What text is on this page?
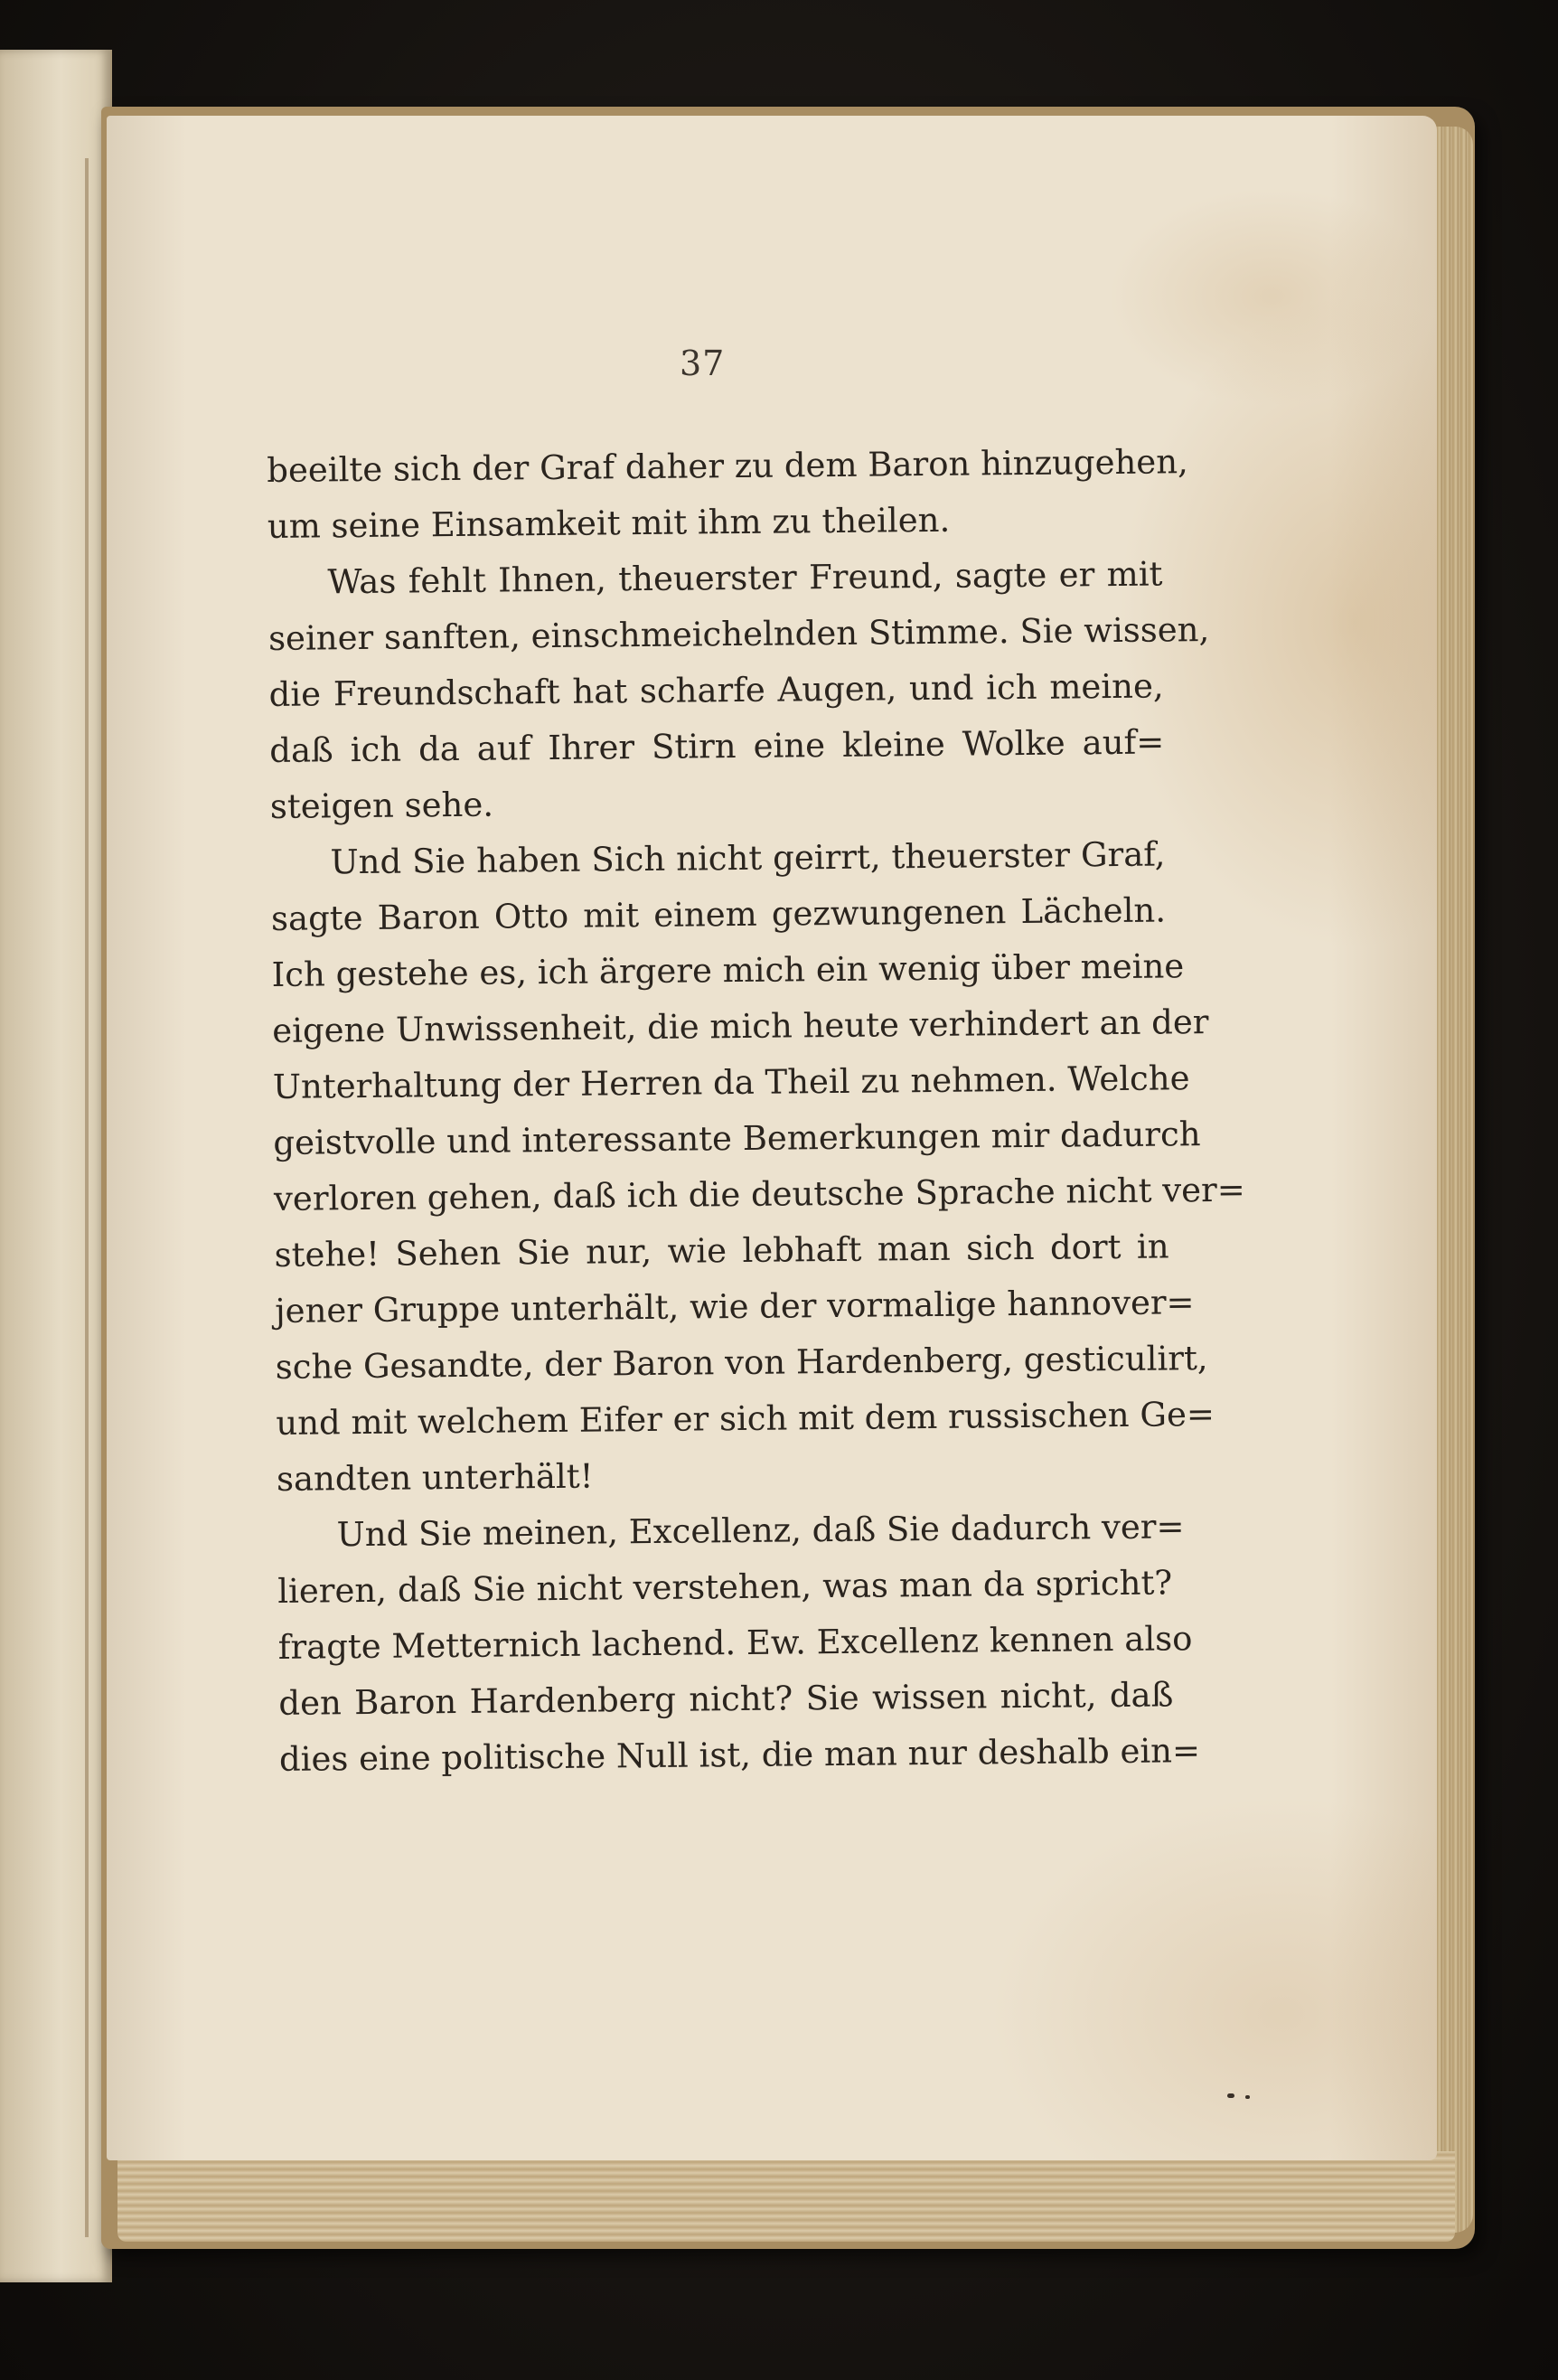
37
beeilte sich der Graf daher zu dem Baron hinzugehen,
um seine Einsamkeit mit ihm zu theilen.
Was fehlt Ihnen, theuerster Freund, sagte er mit
seiner sanften, einschmeichelnden Stimme. Sie wissen,
die Freundschaft hat scharfe Augen, und ich meine,
daß ich da auf Ihrer Stirn eine kleine Wolke auf=
steigen sehe.
Und Sie haben Sich nicht geirrt, theuerster Graf,
sagte Baron Otto mit einem gezwungenen Lächeln.
Ich gestehe es, ich ärgere mich ein wenig über meine
eigene Unwissenheit, die mich heute verhindert an der
Unterhaltung der Herren da Theil zu nehmen. Welche
geistvolle und interessante Bemerkungen mir dadurch
verloren gehen, daß ich die deutsche Sprache nicht ver=
stehe! Sehen Sie nur, wie lebhaft man sich dort in
jener Gruppe unterhält, wie der vormalige hannover=
sche Gesandte, der Baron von Hardenberg, gesticulirt,
und mit welchem Eifer er sich mit dem russischen Ge=
sandten unterhält!
Und Sie meinen, Excellenz, daß Sie dadurch ver=
lieren, daß Sie nicht verstehen, was man da spricht?
fragte Metternich lachend. Ew. Excellenz kennen also
den Baron Hardenberg nicht? Sie wissen nicht, daß
dies eine politische Null ist, die man nur deshalb ein=
